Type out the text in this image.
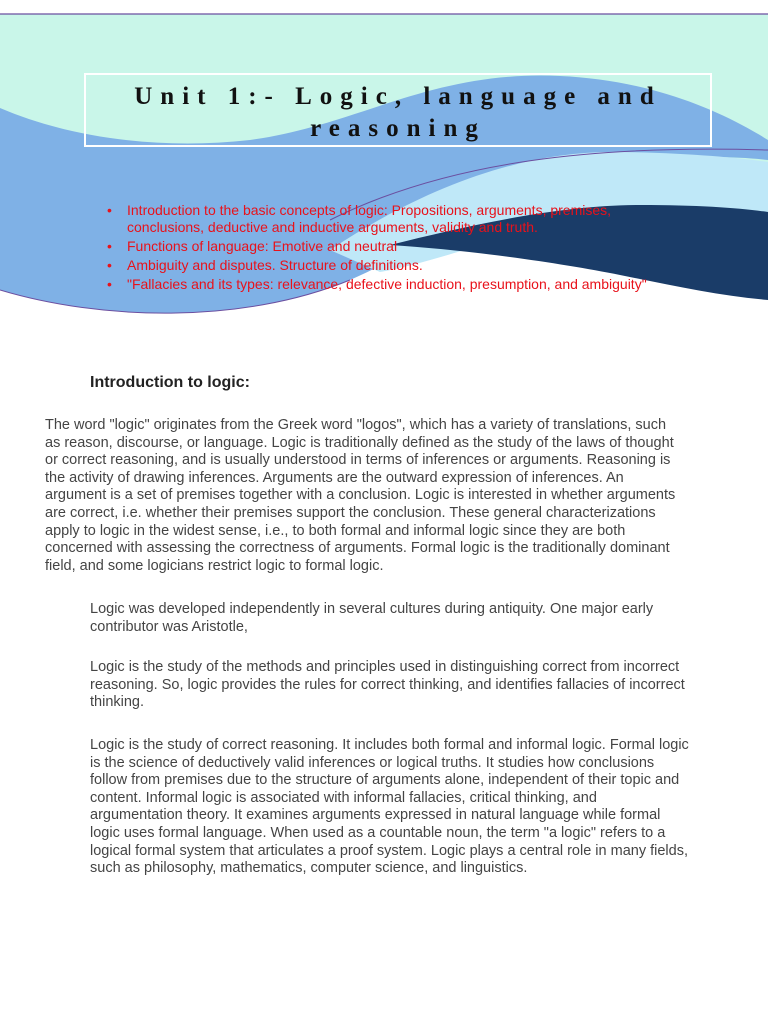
Unit 1:- Logic, language and
reasoning
• Introduction to the basic concepts of logic: Propositions, arguments, premises, conclusions, deductive and inductive arguments, validity and truth.
• Functions of language: Emotive and neutral
• Ambiguity and disputes. Structure of definitions.
• "Fallacies and its types: relevance, defective induction, presumption, and ambiguity"
Introduction to logic:

The word "logic" originates from the Greek word "logos", which has a variety of translations, such as reason, discourse, or language. Logic is traditionally defined as the study of the laws of thought or correct reasoning, and is usually understood in terms of inferences or arguments. Reasoning is the activity of drawing inferences. Arguments are the outward expression of inferences. An argument is a set of premises together with a conclusion. Logic is interested in whether arguments are correct, i.e. whether their premises support the conclusion. These general characterizations apply to logic in the widest sense, i.e., to both formal and informal logic since they are both concerned with assessing the correctness of arguments. Formal logic is the traditionally dominant field, and some logicians restrict logic to formal logic.

Logic was developed independently in several cultures during antiquity. One major early contributor was Aristotle,

Logic is the study of the methods and principles used in distinguishing correct from incorrect reasoning. So, logic provides the rules for correct thinking, and identifies fallacies of incorrect thinking.

Logic is the study of correct reasoning. It includes both formal and informal logic. Formal logic is the science of deductively valid inferences or logical truths. It studies how conclusions follow from premises due to the structure of arguments alone, independent of their topic and content. Informal logic is associated with informal fallacies, critical thinking, and argumentation theory. It examines arguments expressed in natural language while formal logic uses formal language. When used as a countable noun, the term "a logic" refers to a logical formal system that articulates a proof system. Logic plays a central role in many fields, such as philosophy, mathematics, computer science, and linguistics.
